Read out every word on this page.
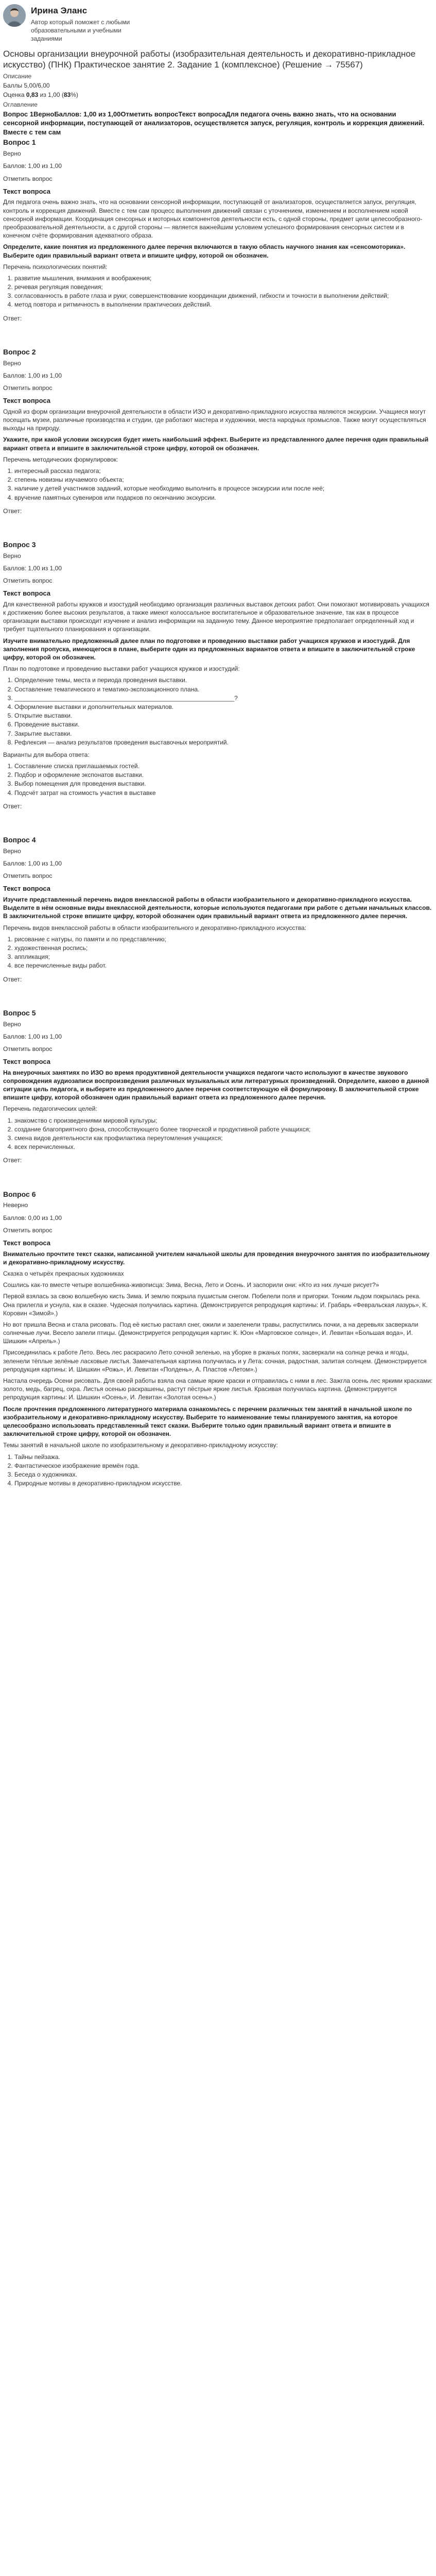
Ирина Эланс
Автор который поможет с любыми образовательными и учебными заданиями
Основы организации внеурочной работы (изобразительная деятельность и декоративно-прикладное искусство) (ПНК) Практическое занятие 2. Задание 1 (комплексное) (Решение → 75567)
Описание
Баллы 5,00/6,00
Оценка 0,83 из 1,00 (83%)
Оглавление
Вопрос 1ВерноБаллов: 1,00 из 1,00Отметить вопросТекст вопросаДля педагога очень важно знать, что на основании сенсорной информации, поступающей от анализаторов, осуществляется запуск, регуляция, контроль и коррекция движений. Вместе с тем сам
Вопрос 1
Верно
Баллов: 1,00 из 1,00
Отметить вопрос
Текст вопроса
Для педагога очень важно знать, что на основании сенсорной информации, поступающей от анализаторов, осуществляется запуск, регуляция, контроль и коррекция движений. Вместе с тем сам процесс выполнения движений связан с уточнением, изменением и восполнением новой сенсорной информации. Координация сенсорных и моторных компонентов деятельности есть, с одной стороны, предмет цели целесообразного-преобразовательной деятельности, а с другой стороны — является важнейшим условием успешного формирования сенсорных систем и в конечном счёте формирования адекватного образа.
Определите, какие понятия из предложенного далее перечня включаются в такую область научного знания как «сенсомоторика». Выберите один правильный вариант ответа и впишите цифру, которой он обозначен.
Перечень психологических понятий:
1. развитие мышления, внимания и воображения;
2. речевая регуляция поведения;
3. согласованность в работе глаза и руки; совершенствование координации движений, гибкости и точности в выполнении действий;
4. метод повтора и ритмичность в выполнении практических действий.
Ответ:
Вопрос 2
Верно
Баллов: 1,00 из 1,00
Отметить вопрос
Текст вопроса
Одной из форм организации внеурочной деятельности в области ИЗО и декоративно-прикладного искусства являются экскурсии. Учащиеся могут посещать музеи, различные производства и студии, где работают мастера и художники, места народных промыслов. Также могут осуществляться выходы на природу.
Укажите, при какой условии экскурсия будет иметь наибольший эффект. Выберите из представленного далее перечня один правильный вариант ответа и впишите в заключительной строке цифру, которой он обозначен.
Перечень методических формулировок:
1. интересный рассказ педагога;
2. степень новизны изучаемого объекта;
3. наличие у детей участников заданий, которые необходимо выполнить в процессе экскурсии или после неё;
4. вручение памятных сувениров или подарков по окончанию экскурсии.
Ответ:
Вопрос 3
Верно
Баллов: 1,00 из 1,00
Отметить вопрос
Текст вопроса
Для качественной работы кружков и изостудий необходимо организация различных выставок детских работ. Они помогают мотивировать учащихся к достижению более высоких результатов, а также имеют колоссальное воспитательное и образовательное значение, так как в процессе организации выставки происходит изучение и анализ информации на заданную тему. Данное мероприятие предполагает определенный ход и требует тщательного планирования и организации.
Изучите внимательно предложенный далее план по подготовке и проведению выставки работ учащихся кружков и изостудий. Для заполнения пропуска, имеющегося в плане, выберите один из предложенных вариантов ответа и впишите в заключительной строке цифру, которой он обозначен.
План по подготовке и проведению выставки работ учащихся кружков и изостудий:
1. Определение темы, места и периода проведения выставки.
2. Составление тематического и тематико-экспозиционного плана.
3. ________________________________________________________________?
4. Оформление выставки и дополнительных материалов.
5. Открытие выставки.
6. Проведение выставки.
7. Закрытие выставки.
8. Рефлексия — анализ результатов проведения выставочных мероприятий.
Варианты для выбора ответа:
1. Составление списка приглашаемых гостей.
2. Подбор и оформление экспонатов выставки.
3. Выбор помещения для проведения выставки.
4. Подсчёт затрат на стоимость участия в выставке
Ответ:
Вопрос 4
Верно
Баллов: 1,00 из 1,00
Отметить вопрос
Текст вопроса
Изучите представленный перечень видов внеклассной работы в области изобразительного и декоративно-прикладного искусства. Выделите в нём основные виды внеклассной деятельности, которые используются педагогами при работе с детьми начальных классов. В заключительной строке впишите цифру, которой обозначен один правильный вариант ответа из предложенного далее перечня.
Перечень видов внеклассной работы в области изобразительного и декоративно-прикладного искусства:
1. рисование с натуры, по памяти и по представлению;
2. художественная роспись;
3. аппликация;
4. все перечисленные виды работ.
Ответ:
Вопрос 5
Верно
Баллов: 1,00 из 1,00
Отметить вопрос
Текст вопроса
На внеурочных занятиях по ИЗО во время продуктивной деятельности учащихся педагоги часто используют в качестве звукового сопровождения аудиозаписи воспроизведения различных музыкальных или литературных произведений. Определите, каково в данной ситуации цель педагога, и выберите из предложенного далее перечня соответствующую ей формулировку. В заключительной строке впишите цифру, которой обозначен один правильный вариант ответа из предложенного далее перечня.
Перечень педагогических целей:
1. знакомство с произведениями мировой культуры;
2. создание благоприятного фона, способствующего более творческой и продуктивной работе учащихся;
3. смена видов деятельности как профилактика переутомления учащихся;
4. всех перечисленных.
Ответ:
Вопрос 6
Неверно
Баллов: 0,00 из 1,00
Отметить вопрос
Текст вопроса
Внимательно прочтите текст сказки, написанной учителем начальной школы для проведения внеурочного занятия по изобразительному и декоративно-прикладному искусству.
Сказка о четырёх прекрасных художниках
Сошлись как-то вместе четыре волшебника-живописца: Зима, Весна, Лето и Осень. И заспорили они: «Кто из них лучше рисует?»
Первой взялась за свою волшебную кисть Зима. И землю покрыла пушистым снегом. Побелели поля и пригорки. Тонким льдом покрылась река. Она прилегла и уснула, как в сказке. Чудесная получилась картина. (Демонстрируется репродукция картины: И. Грабарь «Февральская лазурь», К. Коровин «Зимой».)
Но вот пришла Весна и стала рисовать. Под её кистью растаял снег, ожили и зазеленели травы, распустились почки, а на деревьях засверкали солнечные лучи. Весело запели птицы. (Демонстрируется репродукция картин: К. Юон «Мартовское солнце», И. Левитан «Большая вода», И. Шишкин «Апрель».)
Присоединилась к работе Лето. Весь лес раскрасило Лето сочной зеленью, на уборке в ржаных полях, засверкали на солнце речка и ягоды, зеленели тёплые зелёные ласковые листья. Замечательная картина получилась и у Лета: сочная, радостная, залитая солнцем. (Демонстрируется репродукция картины: И. Шишкин «Рожь», И. Левитан «Полдень», А. Пластов «Летом».)
Настала очередь Осени рисовать. Для своей работы взяла она самые яркие краски и отправилась с ними в лес. Зажгла осень лес яркими красками: золото, медь, багрец, охра. Листья осенью раскрашены, растут пёстрые яркие листья. Красивая получилась картина. (Демонстрируется репродукция картины: И. Шишкин «Осень», И. Левитан «Золотая осень».)
После прочтения предложенного литературного материала ознакомьтесь с перечнем различных тем занятий в начальной школе по изобразительному и декоративно-прикладному искусству. Выберите то наименование темы планируемого занятия, на которое целесообразно использовать представленный текст сказки. Выберите только один правильный вариант ответа и впишите в заключительной строке цифру, которой он обозначен.
Темы занятий в начальной школе по изобразительному и декоративно-прикладному искусству:
1. Тайны пейзажа.
2. Фантастическое изображение времён года.
3. Беседа о художниках.
4. Природные мотивы в декоративно-прикладном искусстве.
